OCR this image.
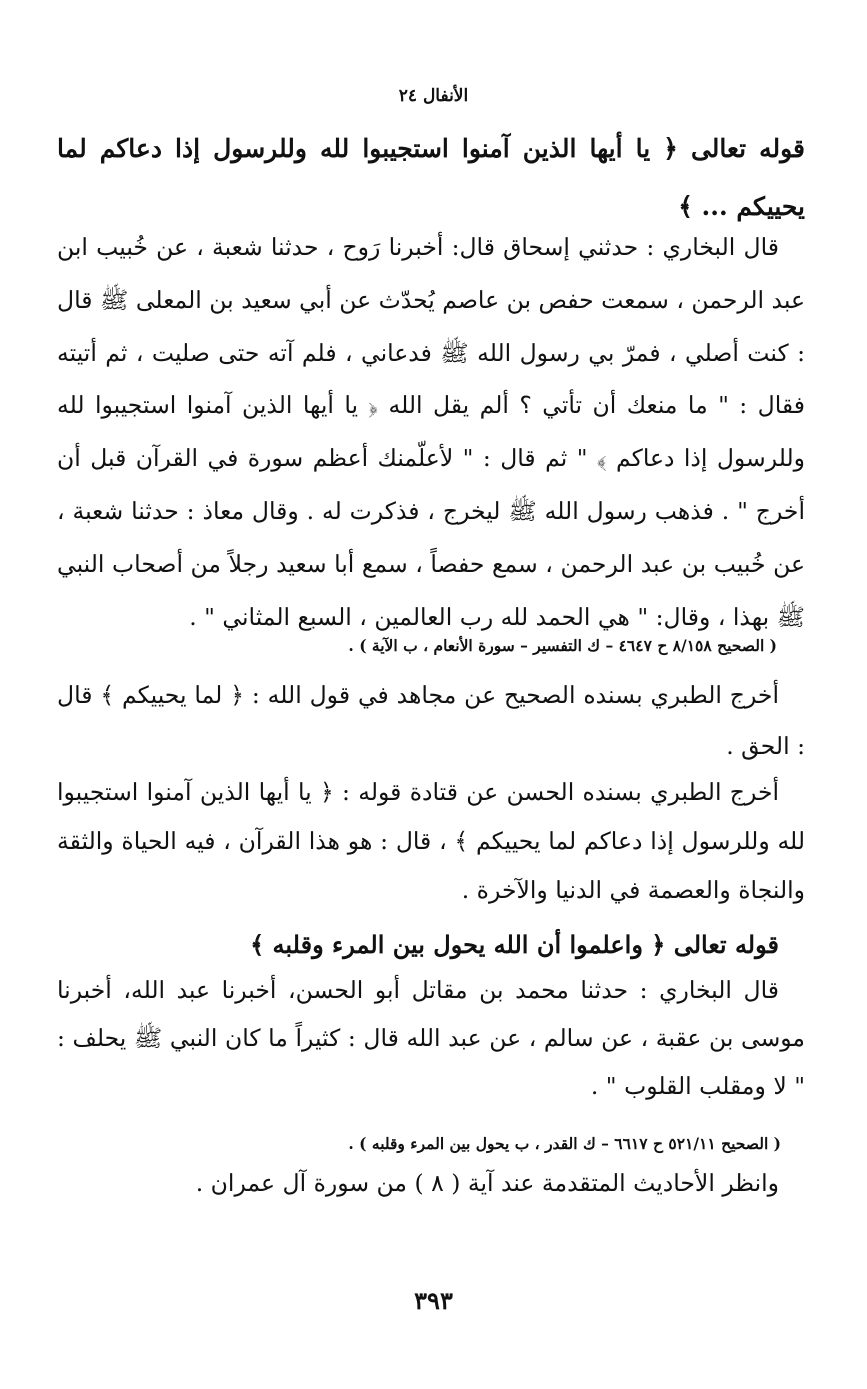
الأنفال ٢٤
قوله تعالى ﴿ يا أيها الذين آمنوا استجيبوا لله وللرسول إذا دعاكم لما يحييكم ... ﴾
قال البخاري : حدثني إسحاق قال: أخبرنا رَوح ، حدثنا شعبة ، عن خُبيب ابن عبد الرحمن ، سمعت حفص بن عاصم يُحدّث عن أبي سعيد بن المعلى ﷺ قال : كنت أصلي ، فمرّ بي رسول الله ﷺ فدعاني ، فلم آته حتى صليت ، ثم أتيته فقال : " ما منعك أن تأتي ؟ ألم يقل الله ﴿ يا أيها الذين آمنوا استجيبوا لله وللرسول إذا دعاكم ﴾ " ثم قال : " لأعلّمنك أعظم سورة في القرآن قبل أن أخرج " . فذهب رسول الله ﷺ ليخرج ، فذكرت له . وقال معاذ : حدثنا شعبة ، عن خُبيب بن عبد الرحمن ، سمع حفصاً ، سمع أبا سعيد رجلاً من أصحاب النبي ﷺ بهذا ، وقال: " هي الحمد لله رب العالمين ، السبع المثاني " .
( الصحيح ٨/١٥٨ ح ٤٦٤٧ – ك التفسير – سورة الأنعام ، ب الآية ) .
أخرج الطبري بسنده الصحيح عن مجاهد في قول الله : ﴿ لما يحييكم ﴾ قال : الحق .
أخرج الطبري بسنده الحسن عن قتادة قوله : ﴿ يا أيها الذين آمنوا استجيبوا لله وللرسول إذا دعاكم لما يحييكم ﴾ ، قال : هو هذا القرآن ، فيه الحياة والثقة والنجاة والعصمة في الدنيا والآخرة .
قوله تعالى ﴿ واعلموا أن الله يحول بين المرء وقلبه ﴾
قال البخاري : حدثنا محمد بن مقاتل أبو الحسن، أخبرنا عبد الله، أخبرنا موسى بن عقبة ، عن سالم ، عن عبد الله قال : كثيراً ما كان النبي ﷺ يحلف : " لا ومقلب القلوب " .
( الصحيح ٥٢١/١١ ح ٦٦١٧ – ك القدر ، ب يحول بين المرء وقلبه ) .
وانظر الأحاديث المتقدمة عند آية ( ٨ ) من سورة آل عمران .
٣٩٣
